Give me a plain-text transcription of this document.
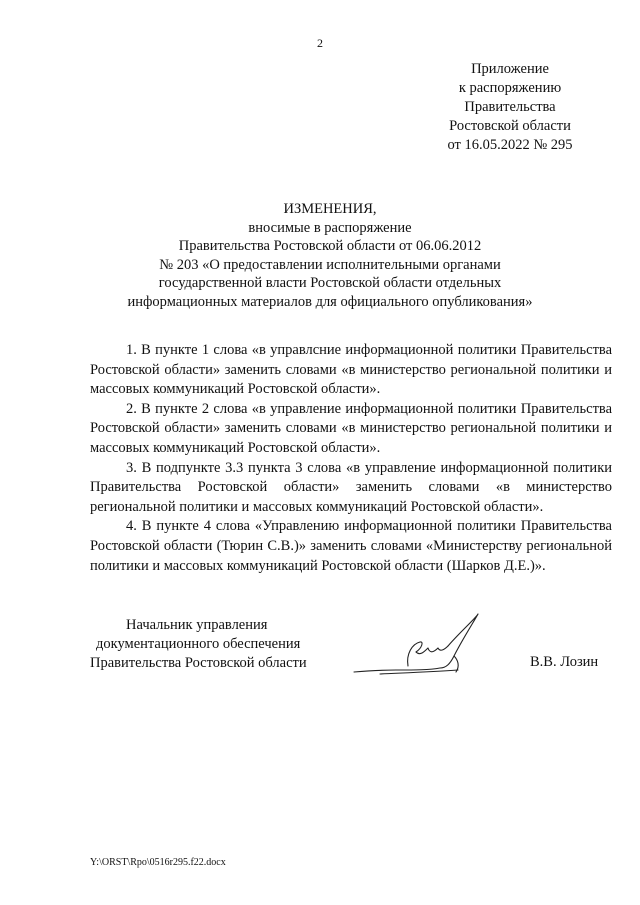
2
Приложение
к распоряжению
Правительства
Ростовской области
от 16.05.2022 № 295
ИЗМЕНЕНИЯ,
вносимые в распоряжение
Правительства Ростовской области от 06.06.2012
№ 203 «О предоставлении исполнительными органами
государственной власти Ростовской области отдельных
информационных материалов для официального опубликования»

1. В пункте 1 слова «в управлсние информационной политики Правительства Ростовской области» заменить словами «в министерство региональной политики и массовых коммуникаций Ростовской области».

2. В пункте 2 слова «в управление информационной политики Правительства Ростовской области» заменить словами «в министерство региональной политики и массовых коммуникаций Ростовской области».

3. В подпункте 3.3 пункта 3 слова «в управление информационной политики Правительства Ростовской области» заменить словами «в министерство региональной политики и массовых коммуникаций Ростовской области».

4. В пункте 4 слова «Управлению информационной политики Правительства Ростовской области (Тюрин С.В.)» заменить словами «Министерству региональной политики и массовых коммуникаций Ростовской области (Шарков Д.Е.)».

Начальник управления
документационного обеспечения
Правительства Ростовской области	В.В. Лозин
Y:\ORST\Rpo\0516r295.f22.docx
